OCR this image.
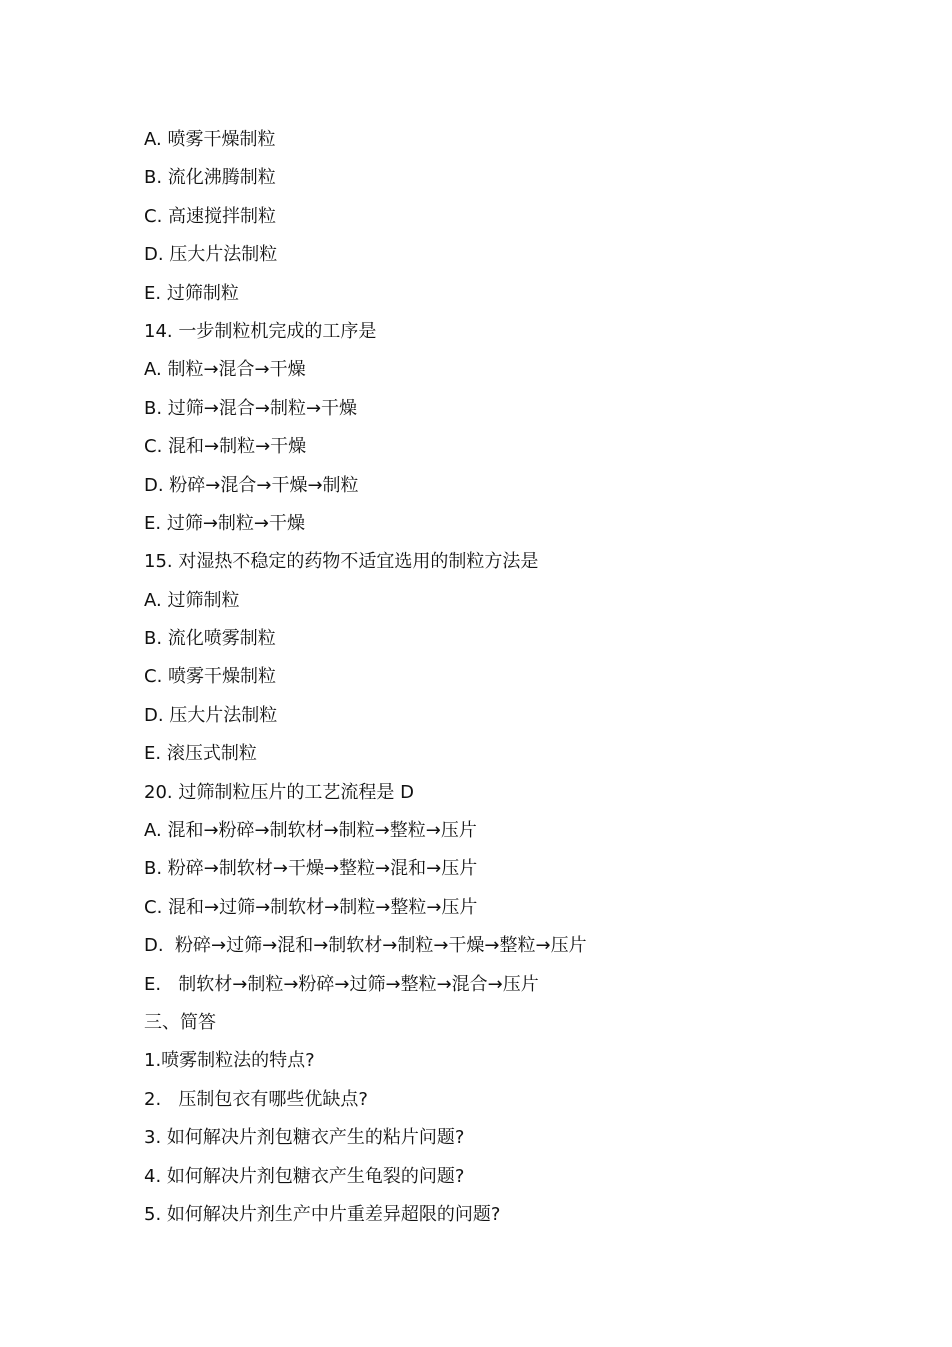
A. 喷雾干燥制粒
B. 流化沸腾制粒
C. 高速搅拌制粒
D. 压大片法制粒
E. 过筛制粒
14. 一步制粒机完成的工序是
A. 制粒→混合→干燥
B. 过筛→混合→制粒→干燥
C. 混和→制粒→干燥
D. 粉碎→混合→干燥→制粒
E. 过筛→制粒→干燥
15. 对湿热不稳定的药物不适宜选用的制粒方法是
A. 过筛制粒
B. 流化喷雾制粒
C. 喷雾干燥制粒
D. 压大片法制粒
E. 滚压式制粒
20. 过筛制粒压片的工艺流程是 D
A. 混和→粉碎→制软材→制粒→整粒→压片
B. 粉碎→制软材→干燥→整粒→混和→压片
C. 混和→过筛→制软材→制粒→整粒→压片
D.  粉碎→过筛→混和→制软材→制粒→干燥→整粒→压片
E.   制软材→制粒→粉碎→过筛→整粒→混合→压片
三、简答
1.喷雾制粒法的特点?
2.   压制包衣有哪些优缺点?
3. 如何解决片剂包糖衣产生的粘片问题?
4. 如何解决片剂包糖衣产生龟裂的问题?
5. 如何解决片剂生产中片重差异超限的问题?
